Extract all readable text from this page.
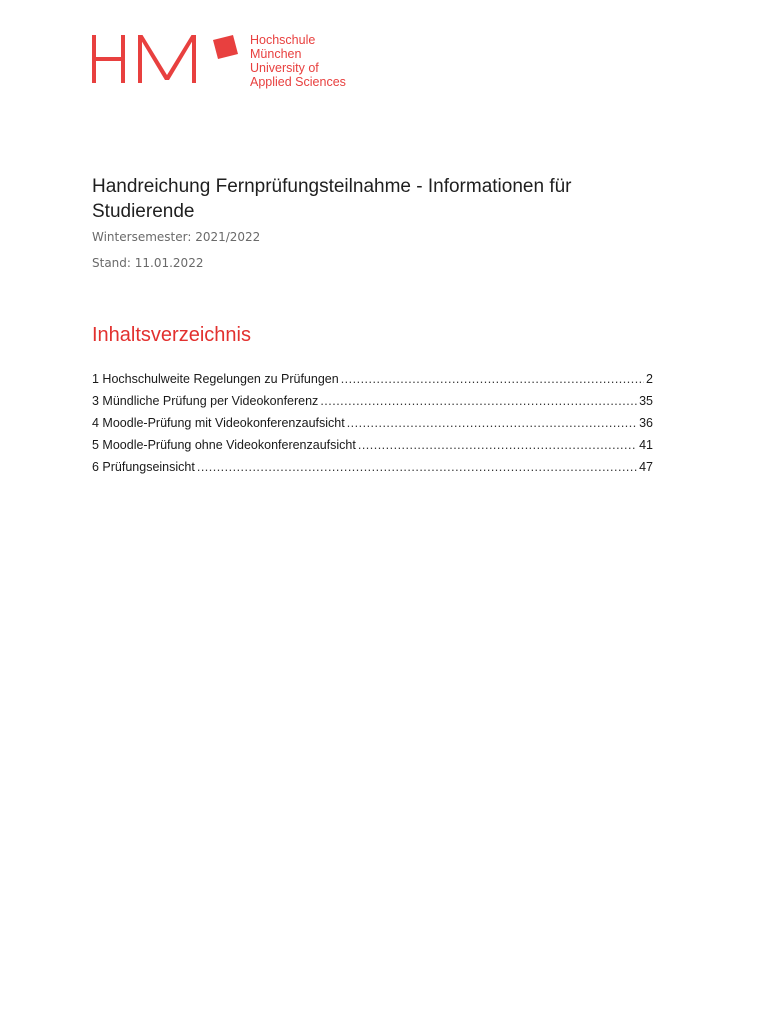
Hochschule
München
University of
Applied Sciences
Handreichung Fernprüfungsteilnahme - Informationen für Studierende
Wintersemester: 2021/2022
Stand: 11.01.2022
Inhaltsverzeichnis
1 Hochschulweite Regelungen zu Prüfungen .....	2
3 Mündliche Prüfung per Videokonferenz .....	35
4 Moodle-Prüfung mit Videokonferenzaufsicht .....	36
5 Moodle-Prüfung ohne Videokonferenzaufsicht .....	41
6 Prüfungseinsicht .....	47
